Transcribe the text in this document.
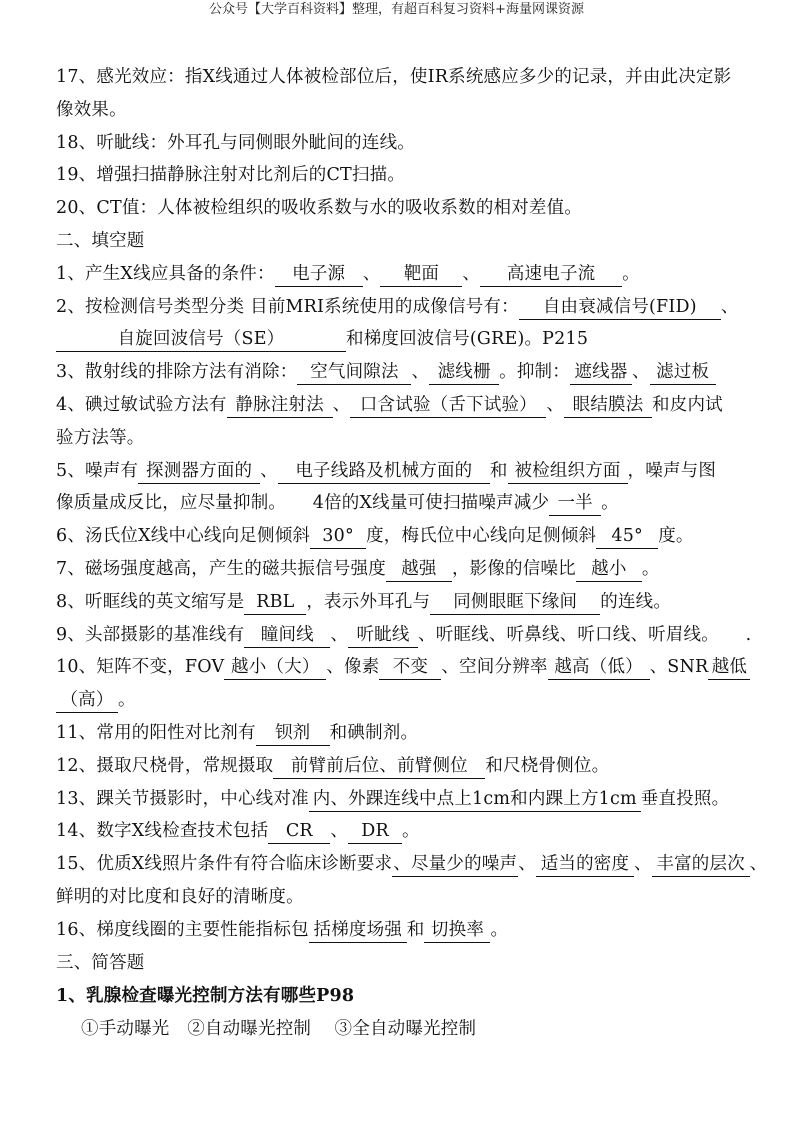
公众号【大学百科资料】整理，有超百科复习资料+海量网课资源
17、感光效应：指X线通过人体被检部位后，使IR系统感应多少的记录，并由此决定影
像效果。
18、听眦线：外耳孔与同侧眼外眦间的连线。
19、增强扫描静脉注射对比剂后的CT扫描。
20、CT值：人体被检组织的吸收系数与水的吸收系数的相对差值。
二、填空题
1、产生X线应具备的条件： 电子源 、 靶面 、 高速电子流 。
2、按检测信号类型分类 目前MRI系统使用的成像信号有： 自由衰减信号(FID) 、
自旋回波信号（SE）	和梯度回波信号(GRE)。P215
3、散射线的排除方法有消除： 空气间隙法 、 滤线栅 。抑制： 遮线器 、 滤过板
4、碘过敏试验方法有 静脉注射法 、 口含试验（舌下试验） 、 眼结膜法 和皮内试
验方法等。
5、噪声有 探测器方面的 、 电子线路及机械方面的 和 被检组织方面 ，噪声与图
像质量成反比，应尽量抑制。　　4倍的X线量可使扫描噪声减少 一半 。
6、汤氏位X线中心线向足侧倾斜 30° 度，梅氏位中心线向足侧倾斜 45° 度。
7、磁场强度越高，产生的磁共振信号强度 越强 ，影像的信噪比 越小 。
8、听眶线的英文缩写是 RBL ，表示外耳孔与 同侧眼眶下缘间 的连线。
9、头部摄影的基准线有 瞳间线 、 听眦线 、听眶线、听鼻线、听口线、听眉线。　　.
10、矩阵不变，FOV 越小（大） 、像素 不变 、空间分辨率 越高（低） 、SNR 越低
（高） 。
11、常用的阳性对比剂有 钡剂 和碘制剂。
12、摄取尺桡骨，常规摄取 前臂前后位、前臂侧位 和尺桡骨侧位。
13、踝关节摄影时，中心线对准 内、外踝连线中点上1cm和内踝上方1cm 垂直投照。
14、数字X线检查技术包括 CR 、 DR 。
15、优质X线照片条件有符合临床诊断要求、尽量少的噪声、 适当的密度 、 丰富的层次 、
鲜明的对比度和良好的清晰度。
16、梯度线圈的主要性能指标包 括梯度场强 和 切换率 。
三、简答题
1、乳腺检查曝光控制方法有哪些P98
①手动曝光　②自动曝光控制　 ③全自动曝光控制
